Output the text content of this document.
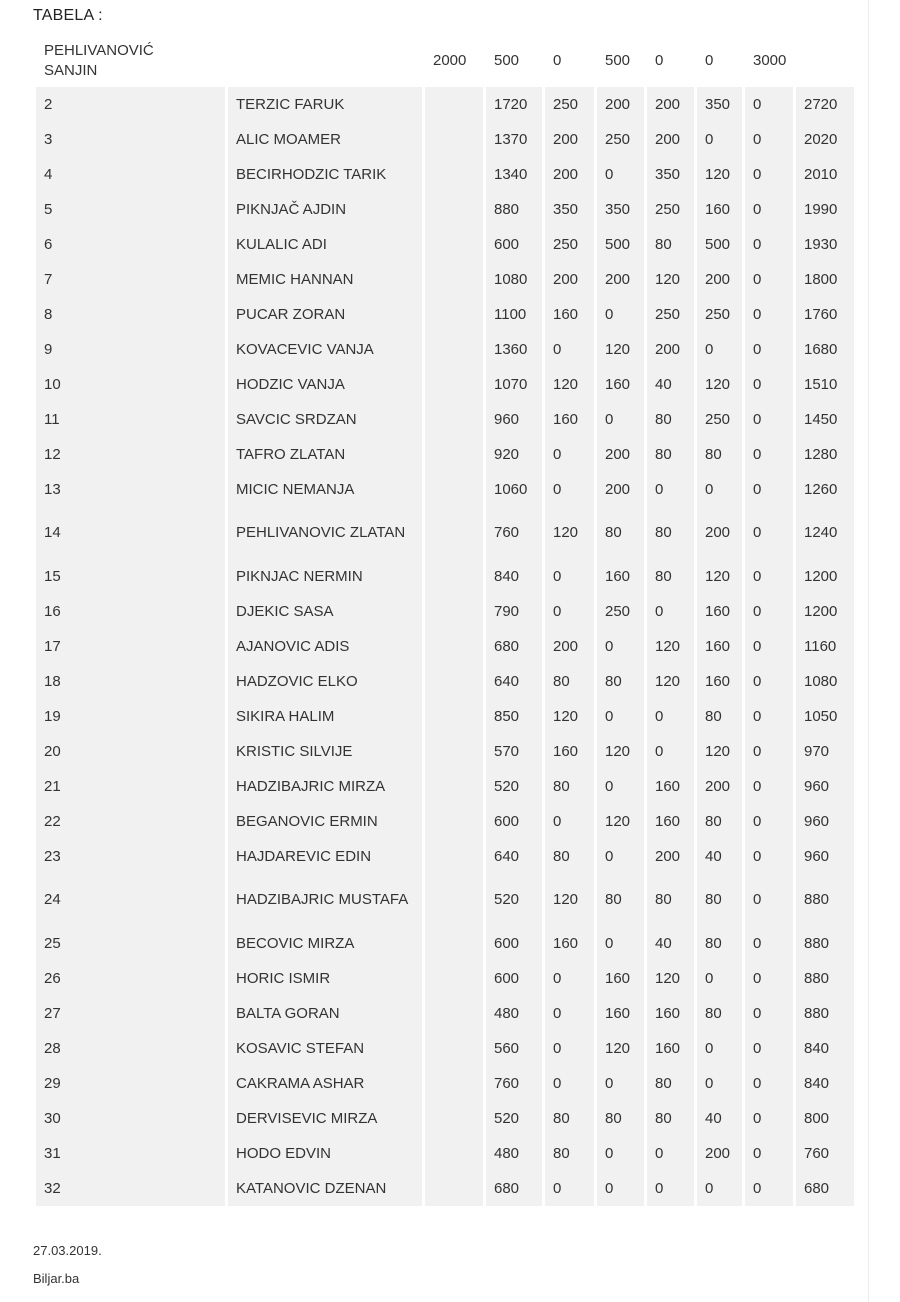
TABELA :
PEHLIVANOVIĆ SANJIN		2000	500	0	500	0	0	3000	
2	TERZIC FARUK		1720	250	200	200	350	0	2720
3	ALIC MOAMER		1370	200	250	200	0	0	2020
4	BECIRHODZIC TARIK		1340	200	0	350	120	0	2010
5	PIKNJAČ AJDIN		880	350	350	250	160	0	1990
6	KULALIC ADI		600	250	500	80	500	0	1930
7	MEMIC HANNAN		1080	200	200	120	200	0	1800
8	PUCAR ZORAN		1100	160	0	250	250	0	1760
9	KOVACEVIC VANJA		1360	0	120	200	0	0	1680
10	HODZIC VANJA		1070	120	160	40	120	0	1510
11	SAVCIC SRDZAN		960	160	0	80	250	0	1450
12	TAFRO ZLATAN		920	0	200	80	80	0	1280
13	MICIC NEMANJA		1060	0	200	0	0	0	1260
14	PEHLIVANOVIC ZLATAN		760	120	80	80	200	0	1240
15	PIKNJAC NERMIN		840	0	160	80	120	0	1200
16	DJEKIC SASA		790	0	250	0	160	0	1200
17	AJANOVIC ADIS		680	200	0	120	160	0	1160
18	HADZOVIC ELKO		640	80	80	120	160	0	1080
19	SIKIRA HALIM		850	120	0	0	80	0	1050
20	KRISTIC SILVIJE		570	160	120	0	120	0	970
21	HADZIBAJRIC MIRZA		520	80	0	160	200	0	960
22	BEGANOVIC ERMIN		600	0	120	160	80	0	960
23	HAJDAREVIC EDIN		640	80	0	200	40	0	960
24	HADZIBAJRIC MUSTAFA		520	120	80	80	80	0	880
25	BECOVIC MIRZA		600	160	0	40	80	0	880
26	HORIC ISMIR		600	0	160	120	0	0	880
27	BALTA GORAN		480	0	160	160	80	0	880
28	KOSAVIC STEFAN		560	0	120	160	0	0	840
29	CAKRAMA ASHAR		760	0	0	80	0	0	840
30	DERVISEVIC MIRZA		520	80	80	80	40	0	800
31	HODO EDVIN		480	80	0	0	200	0	760
32	KATANOVIC DZENAN		680	0	0	0	0	0	680
27.03.2019.
Biljar.ba
